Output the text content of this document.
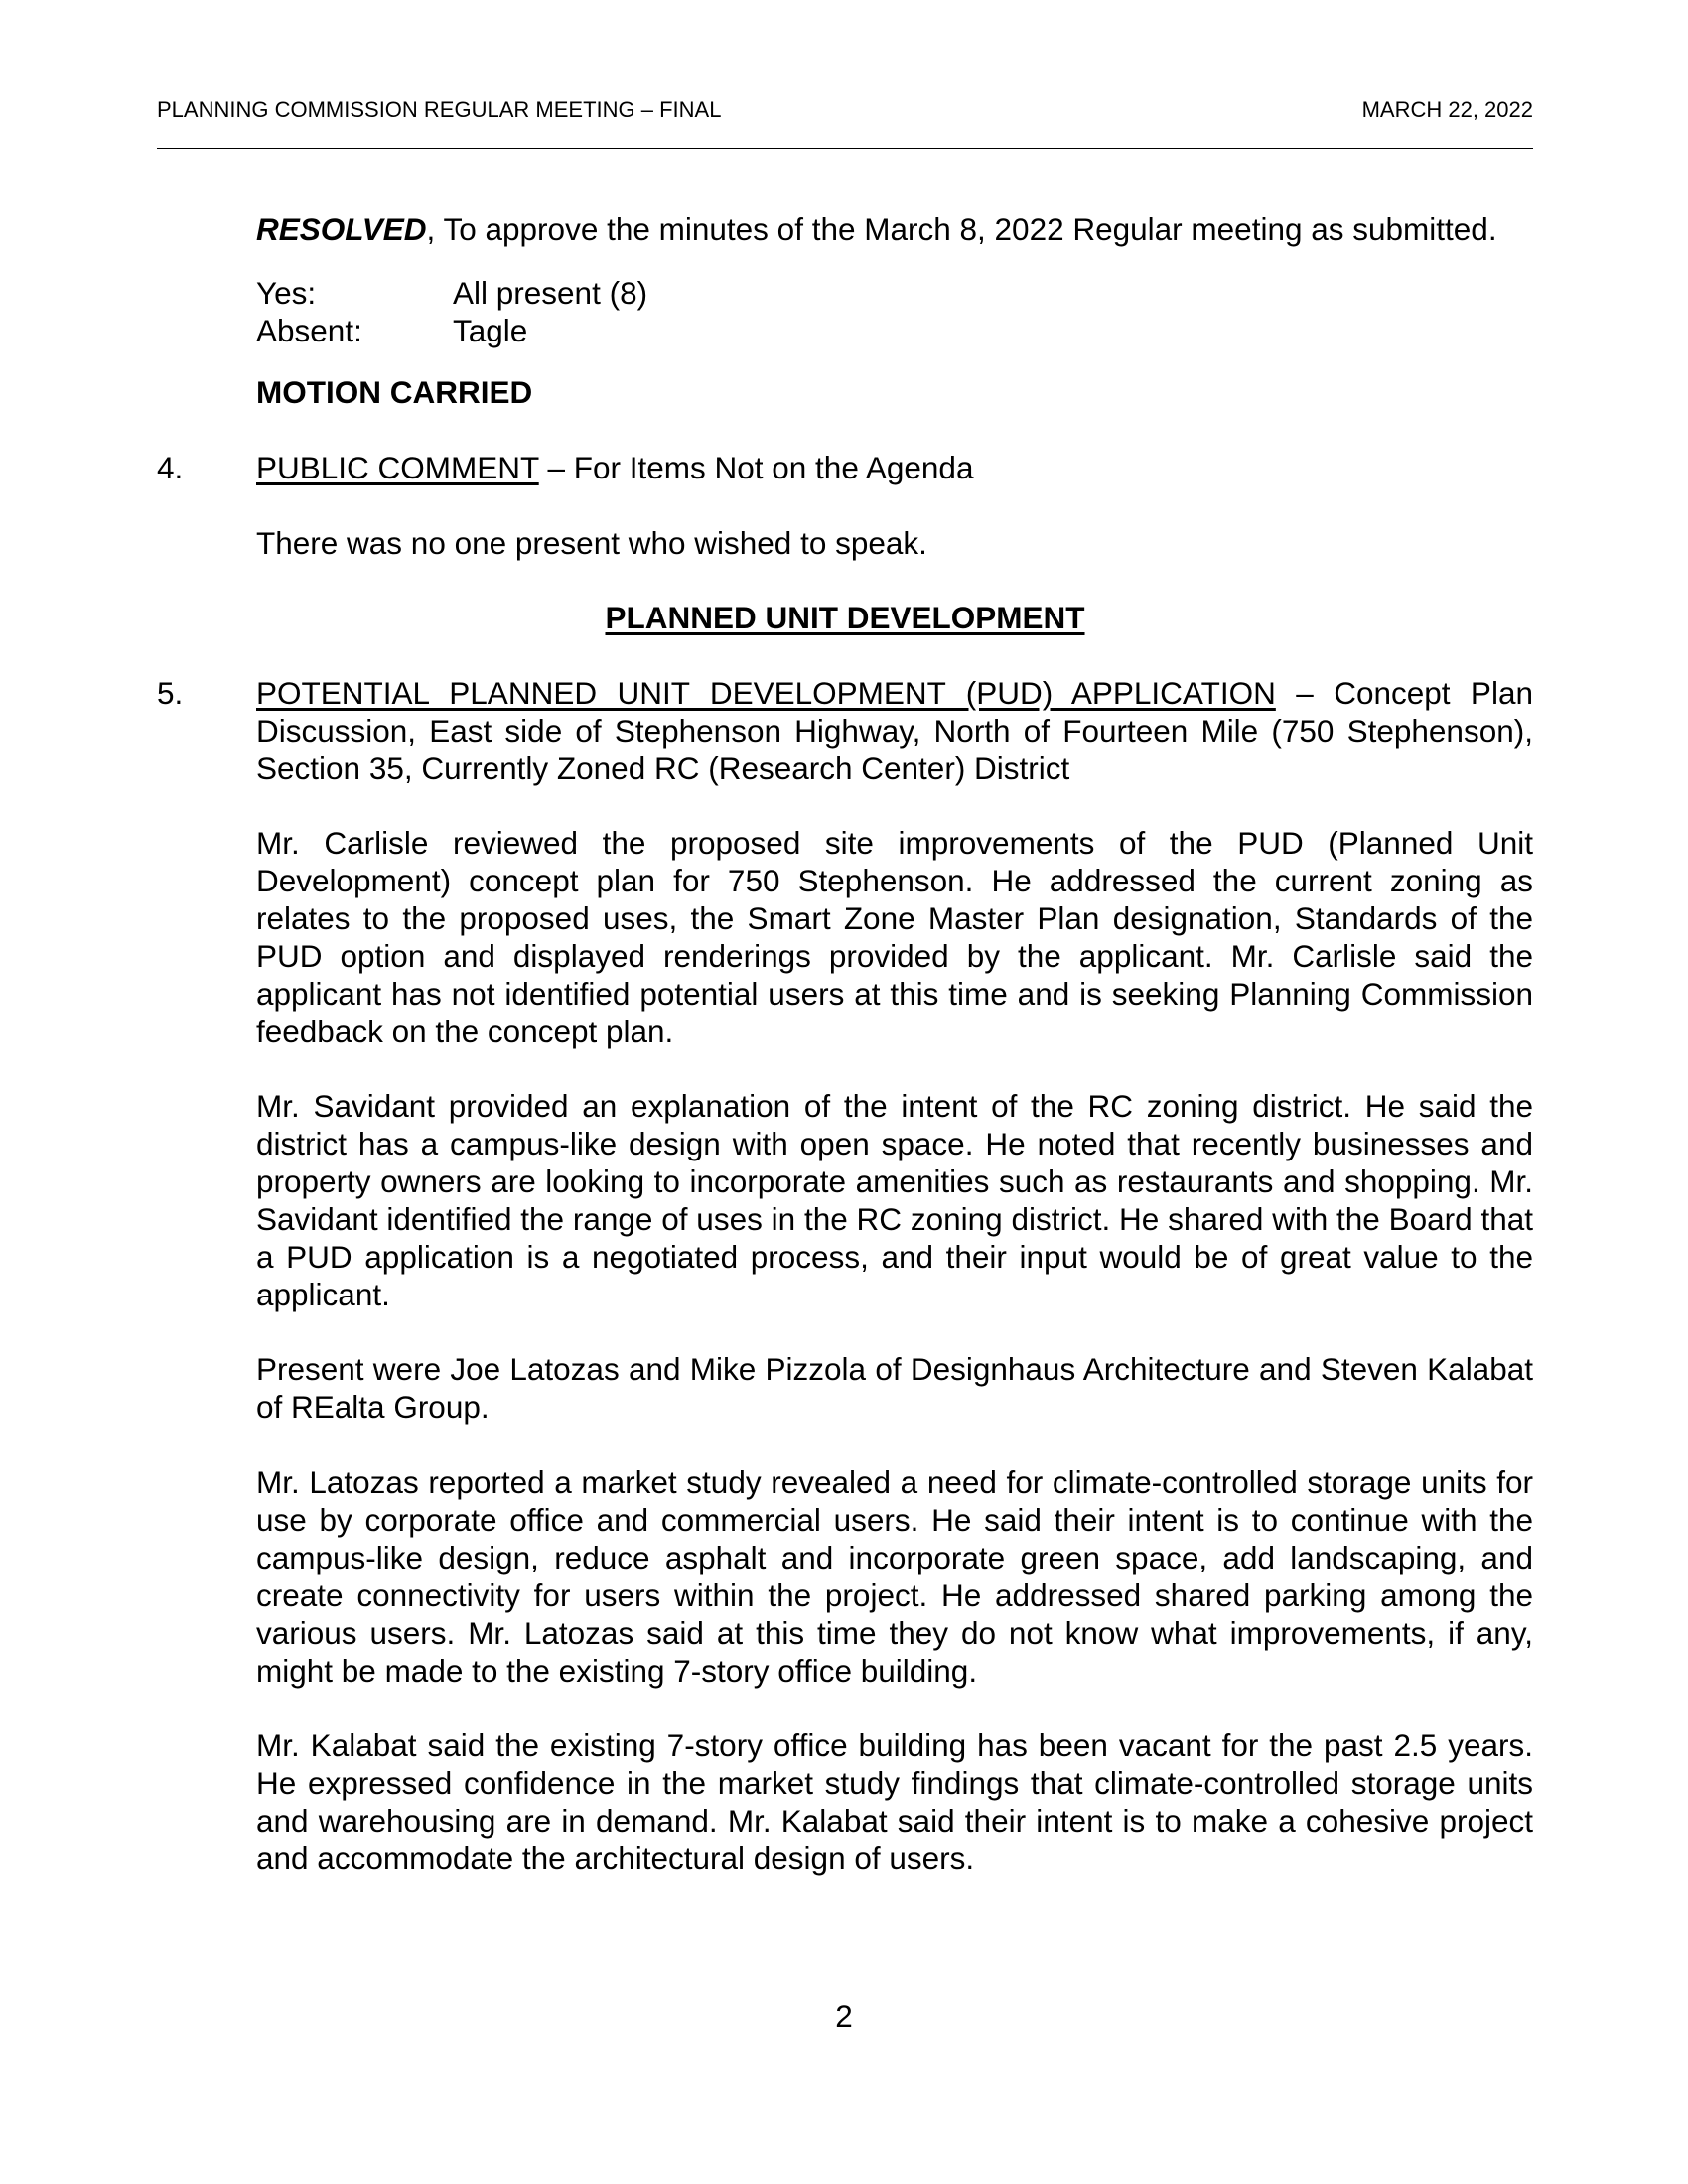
PLANNING COMMISSION REGULAR MEETING – FINAL	MARCH 22, 2022
RESOLVED, To approve the minutes of the March 8, 2022 Regular meeting as submitted.
Yes:	All present (8)
Absent:	Tagle
MOTION CARRIED
4. PUBLIC COMMENT – For Items Not on the Agenda
There was no one present who wished to speak.
PLANNED UNIT DEVELOPMENT
5. POTENTIAL PLANNED UNIT DEVELOPMENT (PUD) APPLICATION – Concept Plan Discussion, East side of Stephenson Highway, North of Fourteen Mile (750 Stephenson), Section 35, Currently Zoned RC (Research Center) District
Mr. Carlisle reviewed the proposed site improvements of the PUD (Planned Unit Development) concept plan for 750 Stephenson. He addressed the current zoning as relates to the proposed uses, the Smart Zone Master Plan designation, Standards of the PUD option and displayed renderings provided by the applicant. Mr. Carlisle said the applicant has not identified potential users at this time and is seeking Planning Commission feedback on the concept plan.
Mr. Savidant provided an explanation of the intent of the RC zoning district. He said the district has a campus-like design with open space. He noted that recently businesses and property owners are looking to incorporate amenities such as restaurants and shopping. Mr. Savidant identified the range of uses in the RC zoning district. He shared with the Board that a PUD application is a negotiated process, and their input would be of great value to the applicant.
Present were Joe Latozas and Mike Pizzola of Designhaus Architecture and Steven Kalabat of REalta Group.
Mr. Latozas reported a market study revealed a need for climate-controlled storage units for use by corporate office and commercial users. He said their intent is to continue with the campus-like design, reduce asphalt and incorporate green space, add landscaping, and create connectivity for users within the project. He addressed shared parking among the various users. Mr. Latozas said at this time they do not know what improvements, if any, might be made to the existing 7-story office building.
Mr. Kalabat said the existing 7-story office building has been vacant for the past 2.5 years. He expressed confidence in the market study findings that climate-controlled storage units and warehousing are in demand. Mr. Kalabat said their intent is to make a cohesive project and accommodate the architectural design of users.
2
